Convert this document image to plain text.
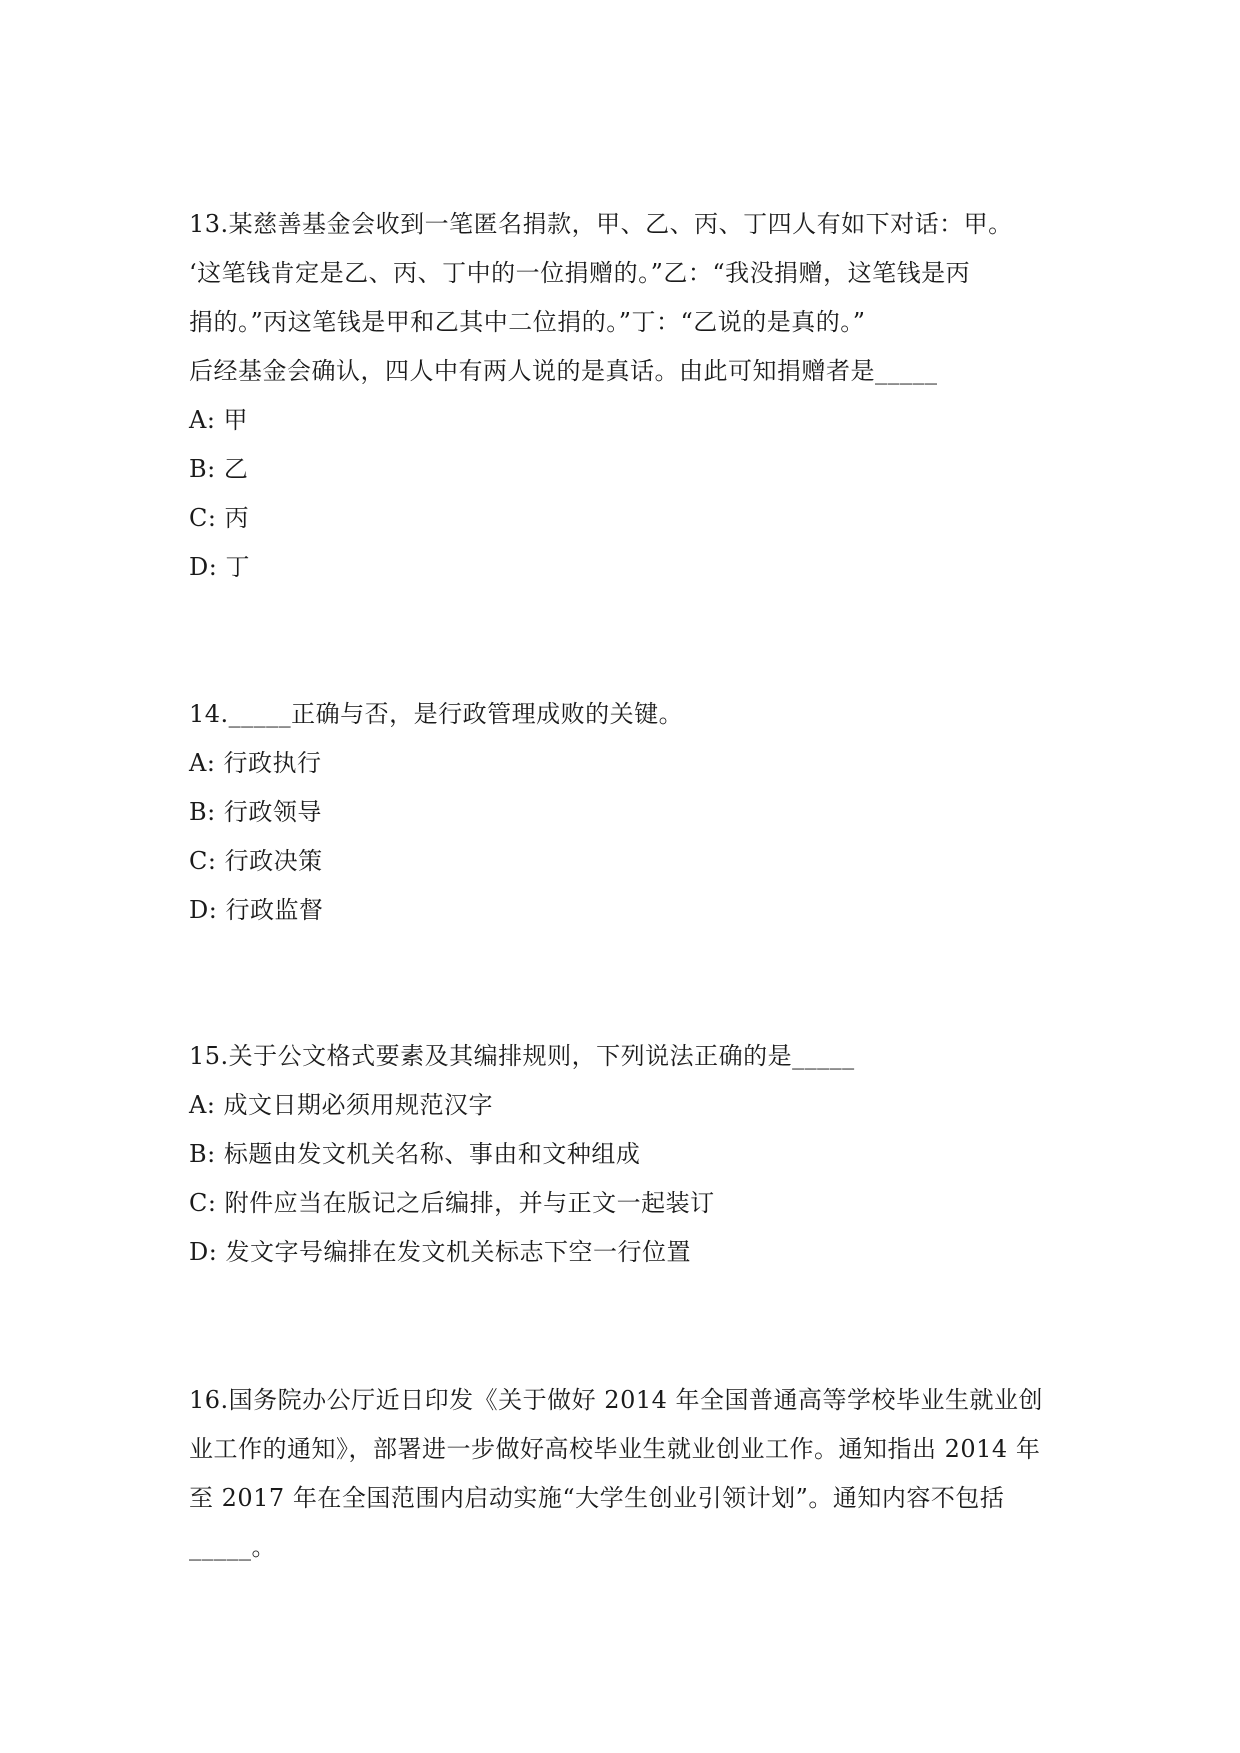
13.某慈善基金会收到一笔匿名捐款，甲、乙、丙、丁四人有如下对话：甲。
‘这笔钱肯定是乙、丙、丁中的一位捐赠的。”乙：“我没捐赠，这笔钱是丙
捐的。”丙这笔钱是甲和乙其中二位捐的。”丁：“乙说的是真的。”
后经基金会确认，四人中有两人说的是真话。由此可知捐赠者是_____
A: 甲
B: 乙
C: 丙
D: 丁
14._____正确与否，是行政管理成败的关键。
A: 行政执行
B: 行政领导
C: 行政决策
D: 行政监督
15.关于公文格式要素及其编排规则，下列说法正确的是_____
A: 成文日期必须用规范汉字
B: 标题由发文机关名称、事由和文种组成
C: 附件应当在版记之后编排，并与正文一起装订
D: 发文字号编排在发文机关标志下空一行位置
16.国务院办公厅近日印发《关于做好 2014 年全国普通高等学校毕业生就业创
业工作的通知》，部署进一步做好高校毕业生就业创业工作。通知指出 2014 年
至 2017 年在全国范围内启动实施“大学生创业引领计划”。通知内容不包括
_____。
